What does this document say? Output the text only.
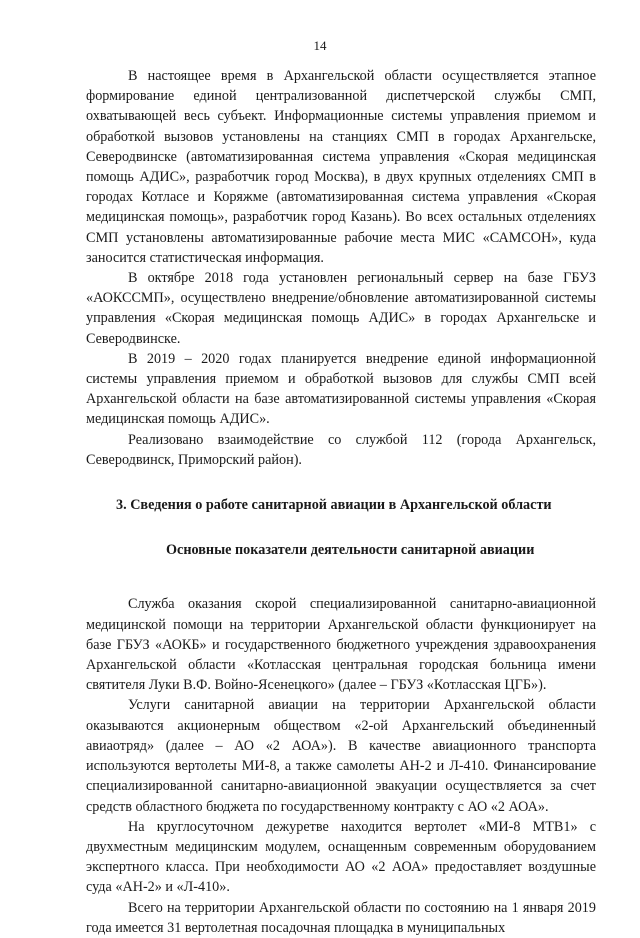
14

В настоящее время в Архангельской области осуществляется этапное формирование единой централизованной диспетчерской службы СМП, охватывающей весь субъект. Информационные системы управления приемом и обработкой вызовов установлены на станциях СМП в городах Архангельске, Северодвинске (автоматизированная система управления «Скорая медицинская помощь АДИС», разработчик город Москва), в двух крупных отделениях СМП в городах Котласе и Коряжме (автоматизированная система управления «Скорая медицинская помощь», разработчик город Казань). Во всех остальных отделениях СМП установлены автоматизированные рабочие места МИС «САМСОН», куда заносится статистическая информация.

В октябре 2018 года установлен региональный сервер на базе ГБУЗ «АОКССМП», осуществлено внедрение/обновление автоматизированной системы управления «Скорая медицинская помощь АДИС» в городах Архангельске и Северодвинске.

В 2019 – 2020 годах планируется внедрение единой информационной системы управления приемом и обработкой вызовов для службы СМП всей Архангельской области на базе автоматизированной системы управления «Скорая медицинская помощь АДИС».

Реализовано взаимодействие со службой 112 (города Архангельск, Северодвинск, Приморский район).

3. Сведения о работе санитарной авиации в Архангельской области

Основные показатели деятельности санитарной авиации

Служба оказания скорой специализированной санитарно-авиационной медицинской помощи на территории Архангельской области функционирует на базе ГБУЗ «АОКБ» и государственного бюджетного учреждения здравоохранения Архангельской области «Котласская центральная городская больница имени святителя Луки В.Ф. Войно-Ясенецкого» (далее – ГБУЗ «Котласская ЦГБ»).

Услуги санитарной авиации на территории Архангельской области оказываются акционерным обществом «2-ой Архангельский объединенный авиаотряд» (далее – АО «2 АОА»). В качестве авиационного транспорта используются вертолеты МИ-8, а также самолеты АН-2 и Л-410. Финансирование специализированной санитарно-авиационной эвакуации осуществляется за счет средств областного бюджета по государственному контракту с АО «2 АОА».

На круглосуточном дежуретве находится вертолет «МИ-8 МТВ1» с двухместным медицинским модулем, оснащенным современным оборудованием экспертного класса. При необходимости АО «2 АОА» предоставляет воздушные суда «АН-2» и «Л-410».

Всего на территории Архангельской области по состоянию на 1 января 2019 года имеется 31 вертолетная посадочная площадка в муниципальных
